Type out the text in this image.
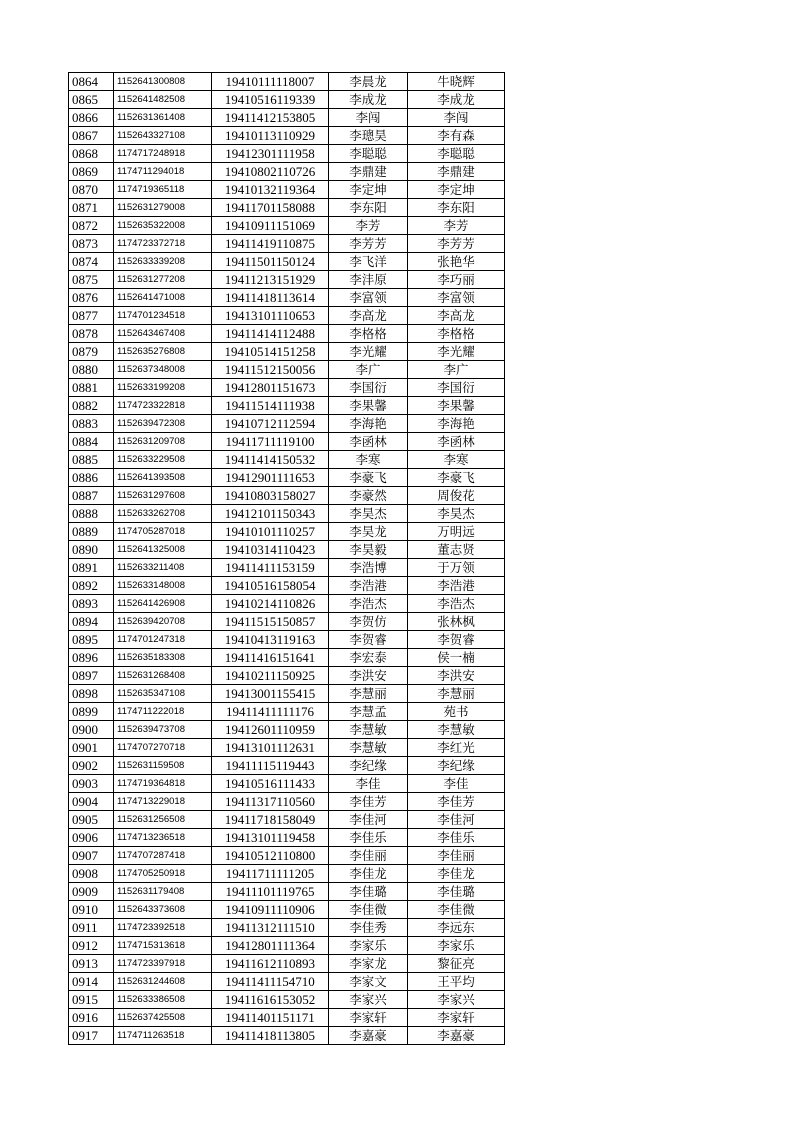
0864	1152641300808	19410111118007	李晨龙	牛晓辉
0865	1152641482508	19410516119339	李成龙	李成龙
0866	1152631361408	19411412153805	李闯	李闯
0867	1152643327108	19410113110929	李璁昊	李有森
0868	1174717248918	19412301111958	李聪聪	李聪聪
0869	1174711294018	19410802110726	李鼎建	李鼎建
0870	1174719365118	19410132119364	李定坤	李定坤
0871	1152631279008	19411701158088	李东阳	李东阳
0872	1152635322008	19410911151069	李芳	李芳
0873	1174723372718	19411419110875	李芳芳	李芳芳
0874	1152633339208	19411501150124	李飞洋	张艳华
0875	1152631277208	19411213151929	李沣原	李巧丽
0876	1152641471008	19411418113614	李富领	李富领
0877	1174701234518	19413101110653	李高龙	李高龙
0878	1152643467408	19411414112488	李格格	李格格
0879	1152635276808	19410514151258	李光耀	李光耀
0880	1152637348008	19411512150056	李广	李广
0881	1152633199208	19412801151673	李国衍	李国衍
0882	1174723322818	19411514111938	李果馨	李果馨
0883	1152639472308	19410712112594	李海艳	李海艳
0884	1152631209708	19411711119100	李函林	李函林
0885	1152633229508	19411414150532	李寒	李寒
0886	1152641393508	19412901111653	李豪飞	李豪飞
0887	1152631297608	19410803158027	李豪然	周俊花
0888	1152633262708	19412101150343	李昊杰	李昊杰
0889	1174705287018	19410101110257	李昊龙	万明远
0890	1152641325008	19410314110423	李昊毅	董志贤
0891	1152633211408	19411411153159	李浩博	于万领
0892	1152633148008	19410516158054	李浩港	李浩港
0893	1152641426908	19410214110826	李浩杰	李浩杰
0894	1152639420708	19411515150857	李贺仿	张林枫
0895	1174701247318	19410413119163	李贺睿	李贺睿
0896	1152635183308	19411416151641	李宏泰	侯一楠
0897	1152631268408	19410211150925	李洪安	李洪安
0898	1152635347108	19413001155415	李慧丽	李慧丽
0899	1174711222018	19411411111176	李慧孟	苑书
0900	1152639473708	19412601110959	李慧敏	李慧敏
0901	1174707270718	19413101112631	李慧敏	李红光
0902	1152631159508	19411115119443	李纪缘	李纪缘
0903	1174719364818	19410516111433	李佳	李佳
0904	1174713229018	19411317110560	李佳芳	李佳芳
0905	1152631256508	19411718158049	李佳河	李佳河
0906	1174713236518	19413101119458	李佳乐	李佳乐
0907	1174707287418	19410512110800	李佳丽	李佳丽
0908	1174705250918	19411711111205	李佳龙	李佳龙
0909	1152631179408	19411101119765	李佳璐	李佳璐
0910	1152643373608	19410911110906	李佳微	李佳微
0911	1174723392518	19411312111510	李佳秀	李远东
0912	1174715313618	19412801111364	李家乐	李家乐
0913	1174723397918	19411612110893	李家龙	黎征亮
0914	1152631244608	19411411154710	李家文	王平均
0915	1152633386508	19411616153052	李家兴	李家兴
0916	1152637425508	19411401151171	李家轩	李家轩
0917	1174711263518	19411418113805	李嘉豪	李嘉豪
